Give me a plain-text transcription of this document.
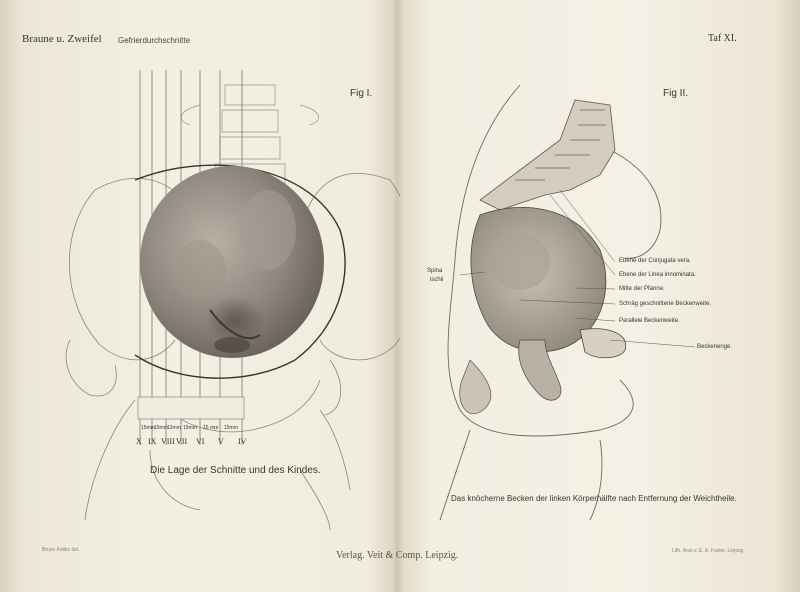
Braune u. Zweifel Gefrierdurchschnitte	Taf XI.
15mm 15mm 12mm 15mm 15 mm 15mm
X IX VIII VII VI V IV
Fig I.
Die Lage der Schnitte und des Kindes.
Fig II.
Spina
ischii
Ebene der Conjugata vera.
Ebene der Linea innominata.
Mitte der Pfanne.
Schräg geschnittene Beckenweite.
Parallele Beckenweite.
Beckenenge.
Das knöcherne Becken der linken Körperhälfte nach Entfernung der Weichtheile.
Bruno Keilitz del.	Verlag. Veit & Comp. Leipzig.	Lith. Anst.v. E. A. Funke, Leipzig.
